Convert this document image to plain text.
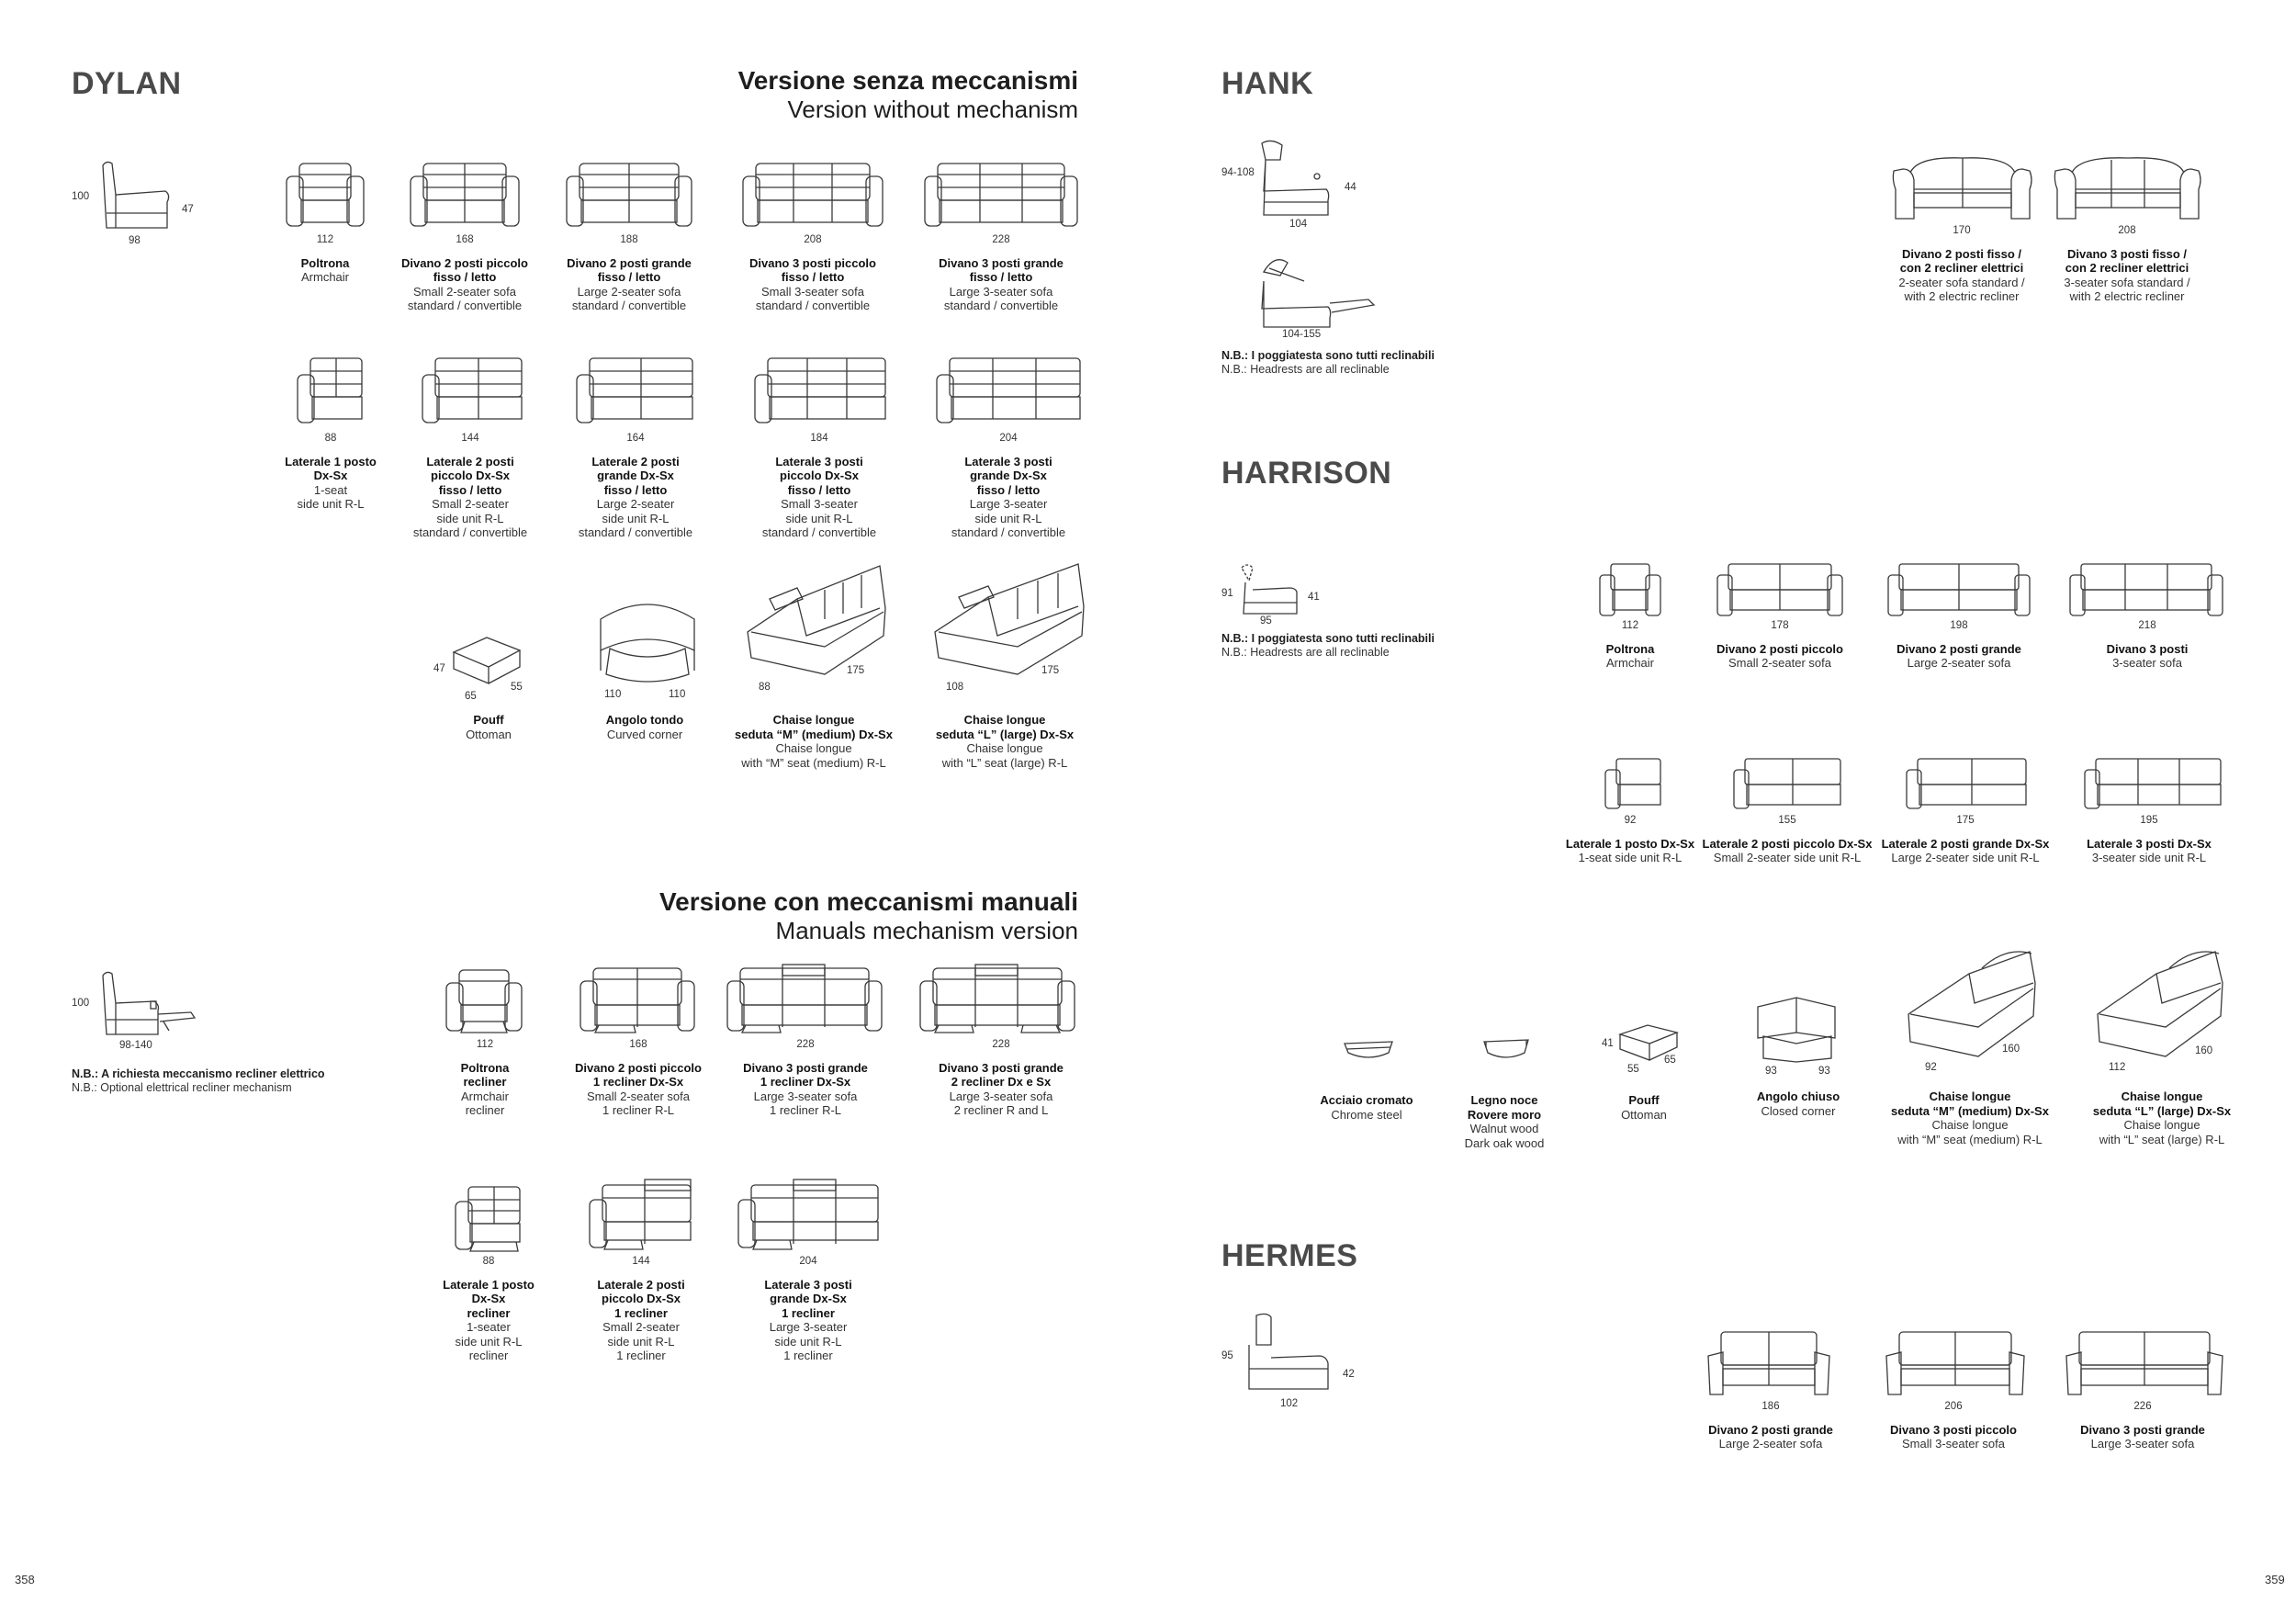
DYLAN	Versione senza meccanismi
Version without mechanism
100
98
47
112
Poltrona
Armchair
168
Divano 2 posti piccolo
fisso / letto
Small 2-seater sofa
standard / convertible
188
Divano 2 posti grande
fisso / letto
Large 2-seater sofa
standard / convertible
208
Divano 3 posti piccolo
fisso / letto
Small 3-seater sofa
standard / convertible
228
Divano 3 posti grande
fisso / letto
Large 3-seater sofa
standard / convertible
88
Laterale 1 posto
Dx-Sx
1-seat
side unit R-L
144
Laterale 2 posti
piccolo Dx-Sx
fisso / letto
Small 2-seater
side unit R-L
standard / convertible
164
Laterale 2 posti
grande Dx-Sx
fisso / letto
Large 2-seater
side unit R-L
standard / convertible
184
Laterale 3 posti
piccolo Dx-Sx
fisso / letto
Small 3-seater
side unit R-L
standard / convertible
204
Laterale 3 posti
grande Dx-Sx
fisso / letto
Large 3-seater
side unit R-L
standard / convertible
47
65
55
110	110
88
175
108
175
Pouff
Ottoman
Angolo tondo
Curved corner
Chaise longue
seduta “M” (medium) Dx-Sx
Chaise longue
with “M” seat (medium) R-L
Chaise longue
seduta “L” (large) Dx-Sx
Chaise longue
with “L” seat (large) R-L
Versione con meccanismi manuali
Manuals mechanism version
100
98-140
N.B.: A richiesta meccanismo recliner elettrico
N.B.: Optional elettrical recliner mechanism
112
Poltrona
recliner
Armchair
recliner
168
Divano 2 posti piccolo
1 recliner Dx-Sx
Small 2-seater sofa
1 recliner R-L
228
Divano 3 posti grande
1 recliner Dx-Sx
Large 3-seater sofa
1 recliner R-L
228
Divano 3 posti grande
2 recliner Dx e Sx
Large 3-seater sofa
2 recliner R and L
88
Laterale 1 posto
Dx-Sx
recliner
1-seater
side unit R-L
recliner
144
Laterale 2 posti
piccolo Dx-Sx
1 recliner
Small 2-seater
side unit R-L
1 recliner
204
Laterale 3 posti
grande Dx-Sx
1 recliner
Large 3-seater
side unit R-L
1 recliner
358
HANK
94-108
104
44
104-155
N.B.: I poggiatesta sono tutti reclinabili
N.B.: Headrests are all reclinable
170
Divano 2 posti fisso /
con 2 recliner elettrici
2-seater sofa standard /
with 2 electric recliner
208
Divano 3 posti fisso /
con 2 recliner elettrici
3-seater sofa standard /
with 2 electric recliner
HARRISON
91
95
41
N.B.: I poggiatesta sono tutti reclinabili
N.B.: Headrests are all reclinable
112
Poltrona
Armchair
178
Divano 2 posti piccolo
Small 2-seater sofa
198
Divano 2 posti grande
Large 2-seater sofa
218
Divano 3 posti
3-seater sofa
92
Laterale 1 posto Dx-Sx
1-seat side unit R-L
155
Laterale 2 posti piccolo Dx-Sx
Small 2-seater side unit R-L
175
Laterale 2 posti grande Dx-Sx
Large 2-seater side unit R-L
195
Laterale 3 posti Dx-Sx
3-seater side unit R-L
41
55
65
93	93	92
160
112
160
Acciaio cromato
Chrome steel
Legno noce
Rovere moro
Walnut wood
Dark oak wood
Pouff
Ottoman
Angolo chiuso
Closed corner
Chaise longue
seduta “M” (medium) Dx-Sx
Chaise longue
with “M” seat (medium) R-L
Chaise longue
seduta “L” (large) Dx-Sx
Chaise longue
with “L” seat (large) R-L
HERMES
95
102
42
186
Divano 2 posti grande
Large 2-seater sofa
206
Divano 3 posti piccolo
Small 3-seater sofa
226
Divano 3 posti grande
Large 3-seater sofa
359
